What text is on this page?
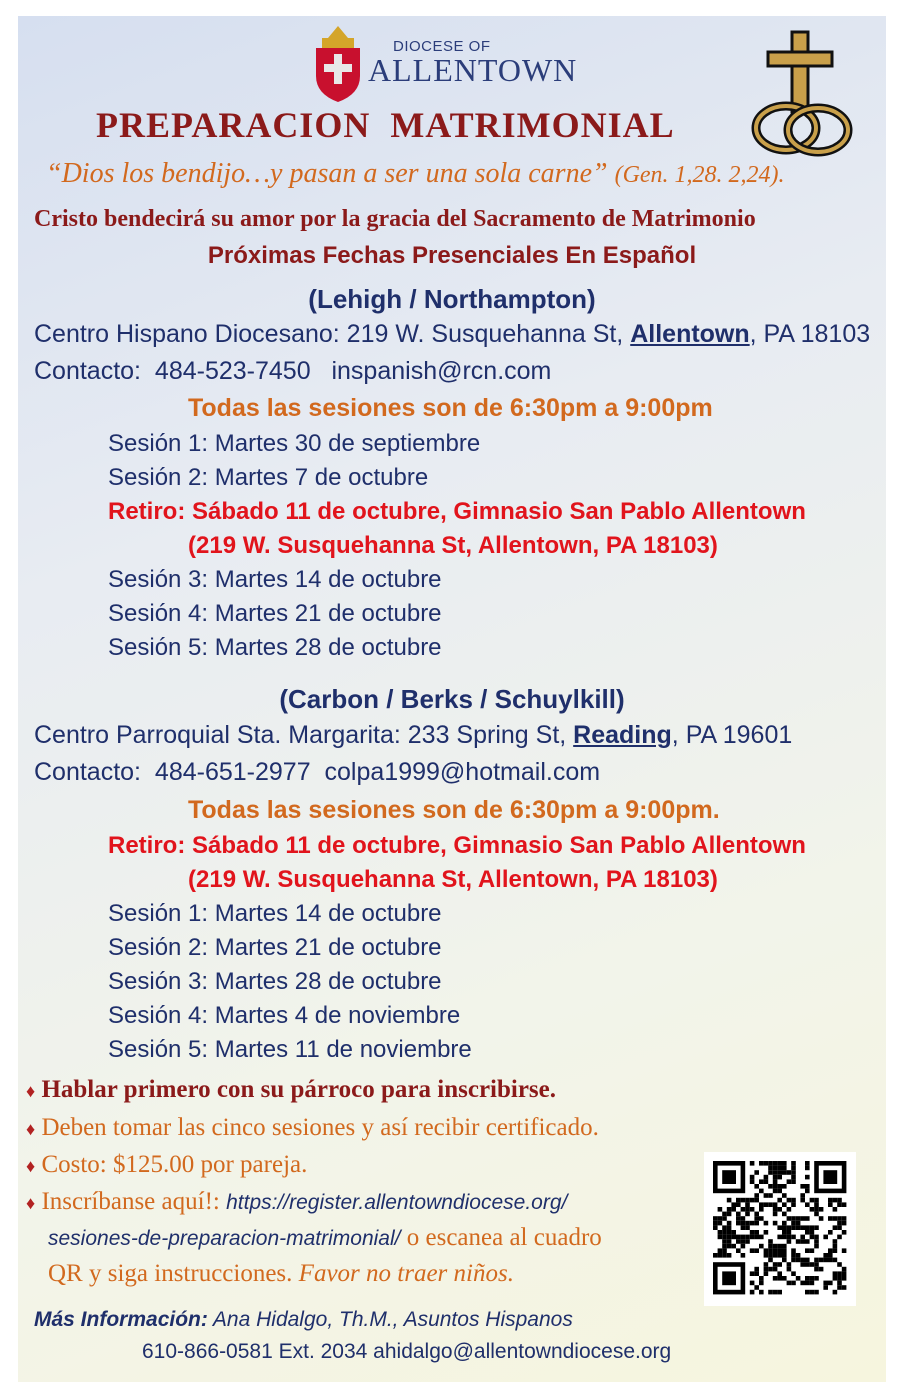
DIOCESE OF
ALLENTOWN
PREPARACION  MATRIMONIAL
“Dios los bendijo…y pasan a ser una sola carne” (Gen. 1,28. 2,24).
Cristo bendecirá su amor por la gracia del Sacramento de Matrimonio
Próximas Fechas Presenciales En Español
(Lehigh / Northampton)
Centro Hispano Diocesano: 219 W. Susquehanna St, Allentown, PA 18103
Contacto: 484-523-7450 inspanish@rcn.com
Todas las sesiones son de 6:30pm a 9:00pm
Sesión 1: Martes 30 de septiembre
Sesión 2: Martes 7 de octubre
Retiro: Sábado 11 de octubre, Gimnasio San Pablo Allentown
(219 W. Susquehanna St, Allentown, PA 18103)
Sesión 3: Martes 14 de octubre
Sesión 4: Martes 21 de octubre
Sesión 5: Martes 28 de octubre
(Carbon / Berks / Schuylkill)
Centro Parroquial Sta. Margarita: 233 Spring St, Reading, PA 19601
Contacto: 484-651-2977 colpa1999@hotmail.com
Todas las sesiones son de 6:30pm a 9:00pm.
Retiro: Sábado 11 de octubre, Gimnasio San Pablo Allentown
(219 W. Susquehanna St, Allentown, PA 18103)
Sesión 1: Martes 14 de octubre
Sesión 2: Martes 21 de octubre
Sesión 3: Martes 28 de octubre
Sesión 4: Martes 4 de noviembre
Sesión 5: Martes 11 de noviembre
♦ Hablar primero con su párroco para inscribirse.
♦ Deben tomar las cinco sesiones y así recibir certificado.
♦ Costo: $125.00 por pareja.
♦ Inscríbanse aquí!: https://register.allentowndiocese.org/
sesiones-de-preparacion-matrimonial/ o escanea al cuadro
QR y siga instrucciones. Favor no traer niños.
Más Información: Ana Hidalgo, Th.M., Asuntos Hispanos
610-866-0581 Ext. 2034 ahidalgo@allentowndiocese.org
